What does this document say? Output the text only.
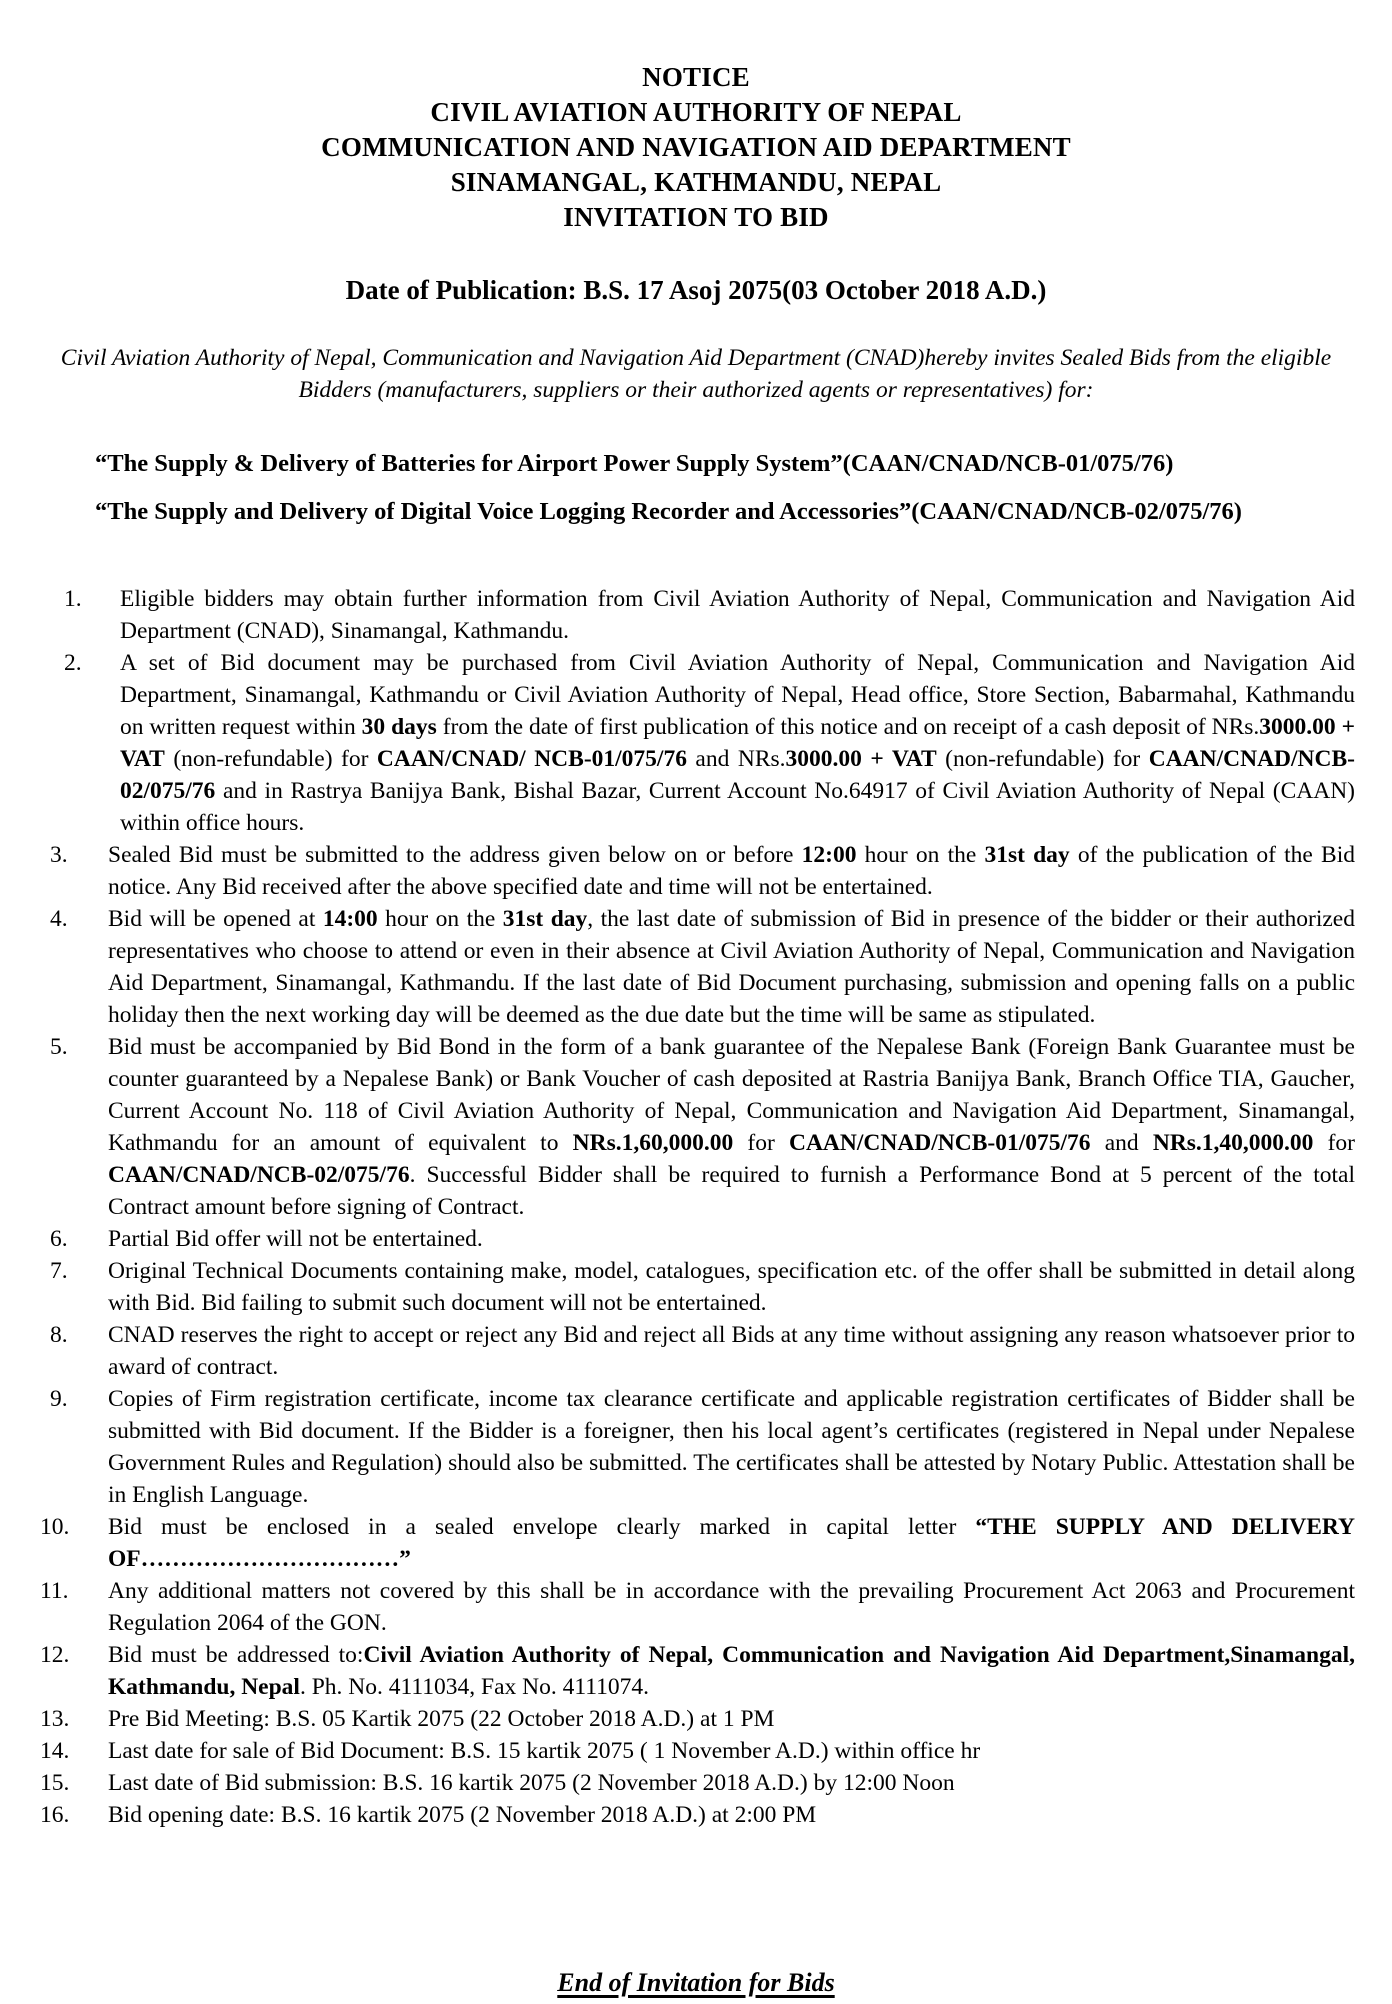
NOTICE
CIVIL AVIATION AUTHORITY OF NEPAL
COMMUNICATION AND NAVIGATION AID DEPARTMENT
SINAMANGAL, KATHMANDU, NEPAL
INVITATION TO BID
Date of Publication: B.S. 17 Asoj 2075(03 October 2018 A.D.)
Civil Aviation Authority of Nepal, Communication and Navigation Aid Department (CNAD)hereby invites Sealed Bids from the eligible Bidders (manufacturers, suppliers or their authorized agents or representatives) for:
“The Supply & Delivery of Batteries for Airport Power Supply System”(CAAN/CNAD/NCB-01/075/76)
“The Supply and Delivery of Digital Voice Logging Recorder and Accessories”(CAAN/CNAD/NCB-02/075/76)
1.	Eligible bidders may obtain further information from Civil Aviation Authority of Nepal, Communication and Navigation Aid Department (CNAD), Sinamangal, Kathmandu.
2.	A set of Bid document may be purchased from Civil Aviation Authority of Nepal, Communication and Navigation Aid Department, Sinamangal, Kathmandu or Civil Aviation Authority of Nepal, Head office, Store Section, Babarmahal, Kathmandu on written request within 30 days from the date of first publication of this notice and on receipt of a cash deposit of NRs.3000.00 + VAT (non-refundable) for CAAN/CNAD/ NCB-01/075/76 and NRs.3000.00 + VAT (non-refundable) for CAAN/CNAD/NCB-02/075/76 and in Rastrya Banijya Bank, Bishal Bazar, Current Account No.64917 of Civil Aviation Authority of Nepal (CAAN) within office hours.
3.	Sealed Bid must be submitted to the address given below on or before 12:00 hour on the 31st day of the publication of the Bid notice. Any Bid received after the above specified date and time will not be entertained.
4.	Bid will be opened at 14:00 hour on the 31st day, the last date of submission of Bid in presence of the bidder or their authorized representatives who choose to attend or even in their absence at Civil Aviation Authority of Nepal, Communication and Navigation Aid Department, Sinamangal, Kathmandu. If the last date of Bid Document purchasing, submission and opening falls on a public holiday then the next working day will be deemed as the due date but the time will be same as stipulated.
5.	Bid must be accompanied by Bid Bond in the form of a bank guarantee of the Nepalese Bank (Foreign Bank Guarantee must be counter guaranteed by a Nepalese Bank) or Bank Voucher of cash deposited at Rastria Banijya Bank, Branch Office TIA, Gaucher, Current Account No. 118 of Civil Aviation Authority of Nepal, Communication and Navigation Aid Department, Sinamangal, Kathmandu for an amount of equivalent to NRs.1,60,000.00 for CAAN/CNAD/NCB-01/075/76 and NRs.1,40,000.00 for CAAN/CNAD/NCB-02/075/76. Successful Bidder shall be required to furnish a Performance Bond at 5 percent of the total Contract amount before signing of Contract.
6.	Partial Bid offer will not be entertained.
7.	Original Technical Documents containing make, model, catalogues, specification etc. of the offer shall be submitted in detail along with Bid. Bid failing to submit such document will not be entertained.
8.	CNAD reserves the right to accept or reject any Bid and reject all Bids at any time without assigning any reason whatsoever prior to award of contract.
9.	Copies of Firm registration certificate, income tax clearance certificate and applicable registration certificates of Bidder shall be submitted with Bid document. If the Bidder is a foreigner, then his local agent’s certificates (registered in Nepal under Nepalese Government Rules and Regulation) should also be submitted. The certificates shall be attested by Notary Public. Attestation shall be in English Language.
10.	Bid must be enclosed in a sealed envelope clearly marked in capital letter “THE SUPPLY AND DELIVERY OF……………………………”
11.	Any additional matters not covered by this shall be in accordance with the prevailing Procurement Act 2063 and Procurement Regulation 2064 of the GON.
12.	Bid must be addressed to:Civil Aviation Authority of Nepal, Communication and Navigation Aid Department,Sinamangal, Kathmandu, Nepal. Ph. No. 4111034, Fax No. 4111074.
13.	Pre Bid Meeting: B.S. 05 Kartik 2075 (22 October 2018 A.D.) at 1 PM
14.	Last date for sale of Bid Document: B.S. 15 kartik 2075 ( 1 November A.D.) within office hr
15.	Last date of Bid submission: B.S. 16 kartik 2075 (2 November 2018 A.D.) by 12:00 Noon
16.	Bid opening date: B.S. 16 kartik 2075 (2 November 2018 A.D.) at 2:00 PM
End of Invitation for Bids
